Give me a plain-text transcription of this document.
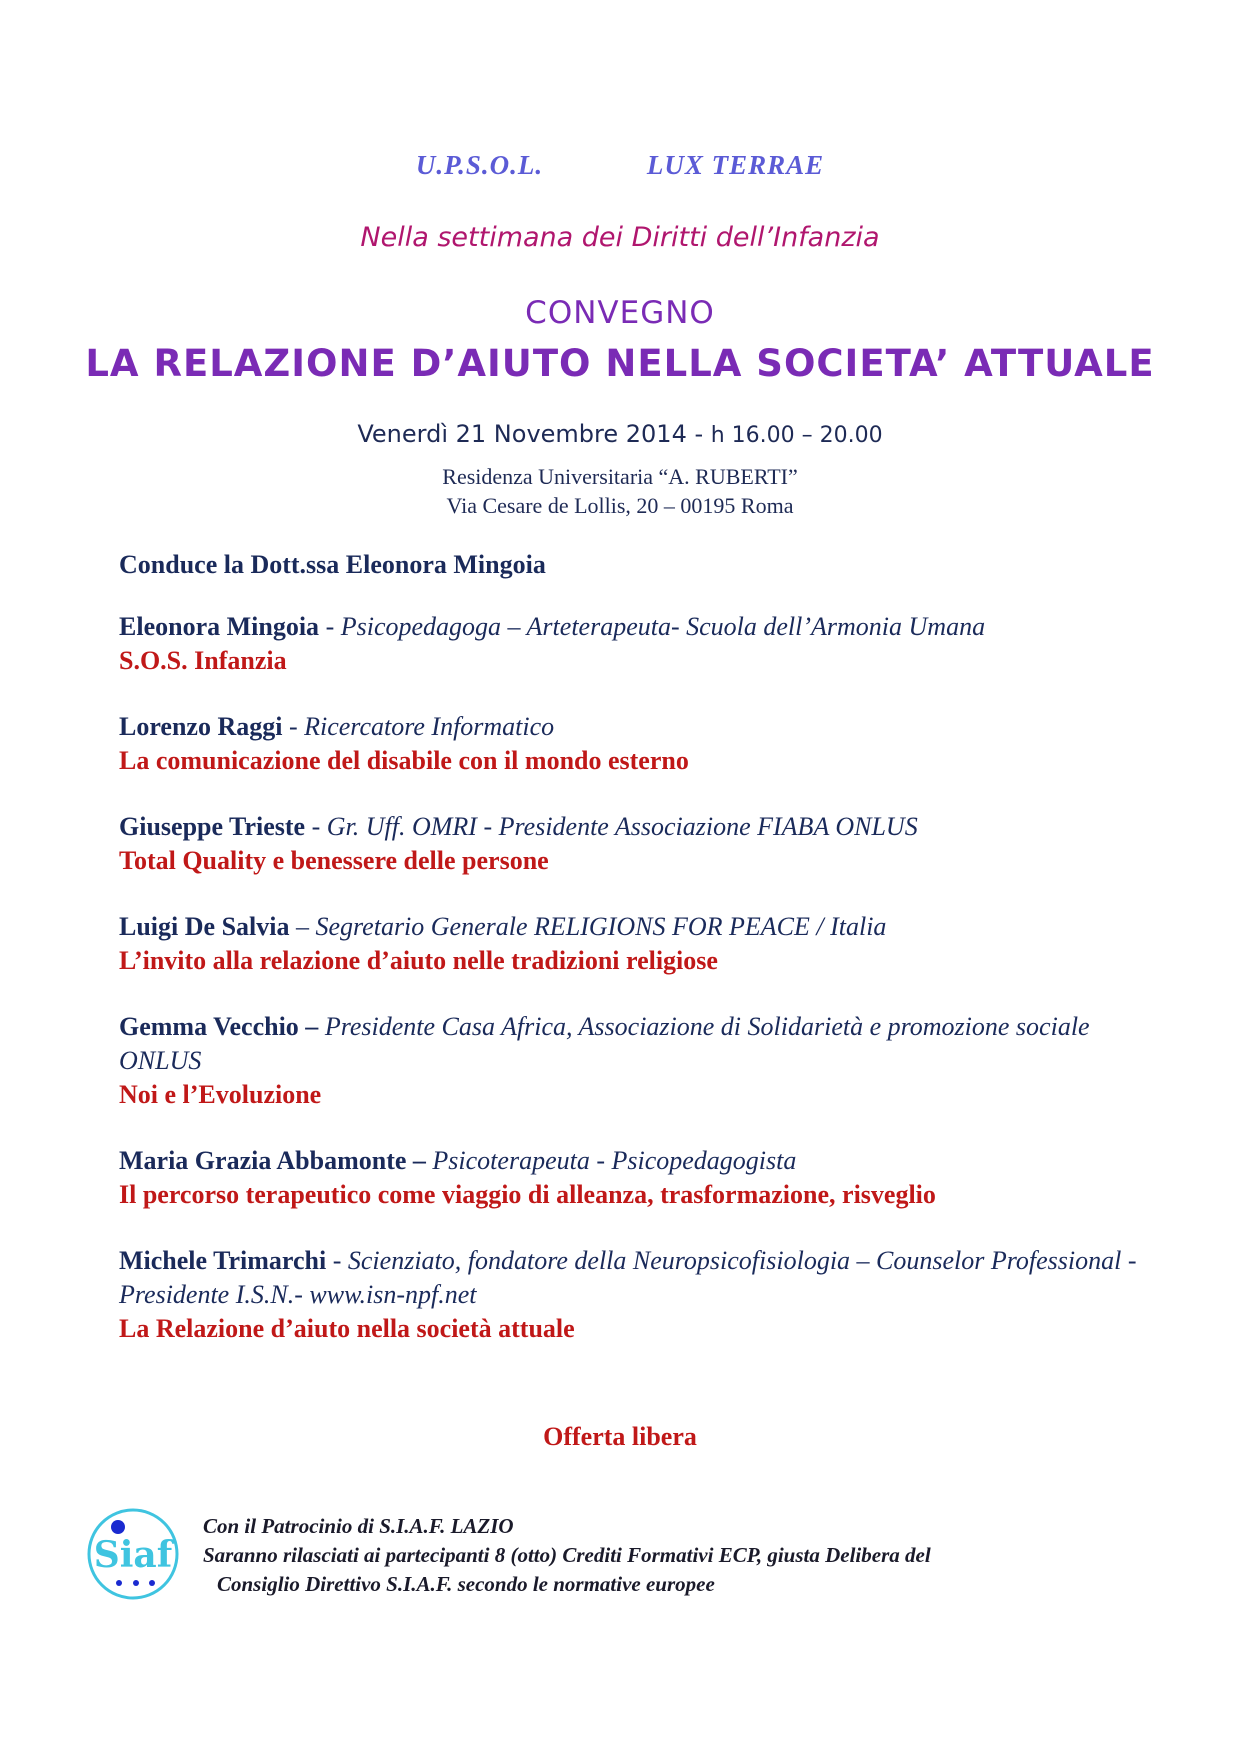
U.P.S.O.L.	LUX TERRAE
Nella settimana dei Diritti dell’Infanzia
CONVEGNO
LA RELAZIONE D’AIUTO NELLA SOCIETA’ ATTUALE
Venerdì 21 Novembre 2014 - h 16.00 – 20.00
Residenza Universitaria “A. RUBERTI”
Via Cesare de Lollis, 20 – 00195 Roma
Conduce la Dott.ssa Eleonora Mingoia
Eleonora Mingoia - Psicopedagoga – Arteterapeuta- Scuola dell’Armonia Umana
S.O.S. Infanzia
Lorenzo Raggi - Ricercatore Informatico
La comunicazione del disabile con il mondo esterno
Giuseppe Trieste - Gr. Uff. OMRI - Presidente Associazione FIABA ONLUS
Total Quality e benessere delle persone
Luigi De Salvia – Segretario Generale RELIGIONS FOR PEACE / Italia
L’invito alla relazione d’aiuto nelle tradizioni religiose
Gemma Vecchio – Presidente Casa Africa, Associazione di Solidarietà e promozione sociale ONLUS
Noi e l’Evoluzione
Maria Grazia Abbamonte – Psicoterapeuta - Psicopedagogista
Il percorso terapeutico come viaggio di alleanza, trasformazione, risveglio
Michele Trimarchi - Scienziato, fondatore della Neuropsicofisiologia – Counselor Professional - Presidente I.S.N.- www.isn-npf.net
La Relazione d’aiuto nella società attuale
Offerta libera
Siaf
Con il Patrocinio di S.I.A.F. LAZIO
Saranno rilasciati ai partecipanti 8 (otto) Crediti Formativi ECP, giusta Delibera del
Consiglio Direttivo S.I.A.F. secondo le normative europee
